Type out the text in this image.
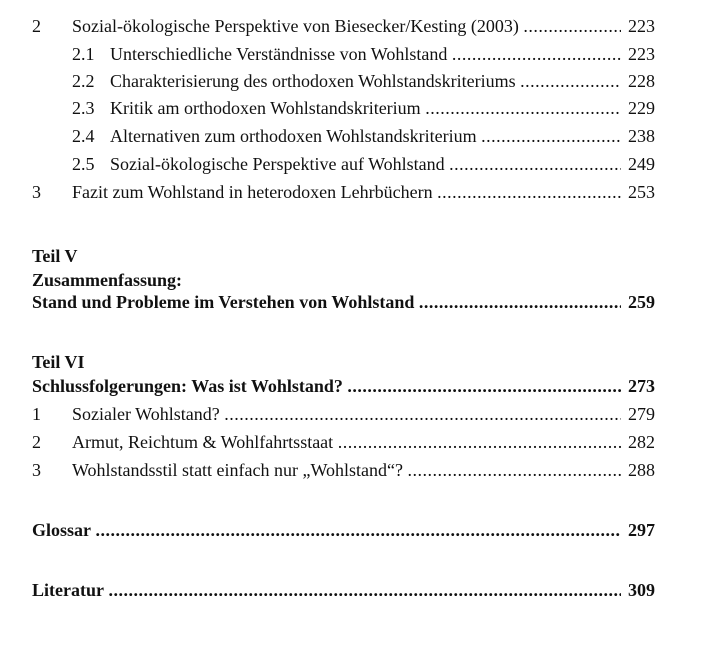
2 Sozial-ökologische Perspektive von Biesecker/Kesting (2003) . . .	223
2.1 Unterschiedliche Verständnisse von Wohlstand . . .	223
2.2 Charakterisierung des orthodoxen Wohlstandskriteriums . . .	228
2.3 Kritik am orthodoxen Wohlstandskriterium . . .	229
2.4 Alternativen zum orthodoxen Wohlstandskriterium . . .	238
2.5 Sozial-ökologische Perspektive auf Wohlstand . . .	249
3 Fazit zum Wohlstand in heterodoxen Lehrbüchern . . .	253
Teil V
Zusammenfassung:
Stand und Probleme im Verstehen von Wohlstand . . .	259
Teil VI
Schlussfolgerungen: Was ist Wohlstand? . . .	273
1 Sozialer Wohlstand? . . .	279
2 Armut, Reichtum & Wohlfahrtsstaat . . .	282
3 Wohlstandsstil statt einfach nur „Wohlstand“? . . .	288
Glossar . . .	297
Literatur . . .	309
